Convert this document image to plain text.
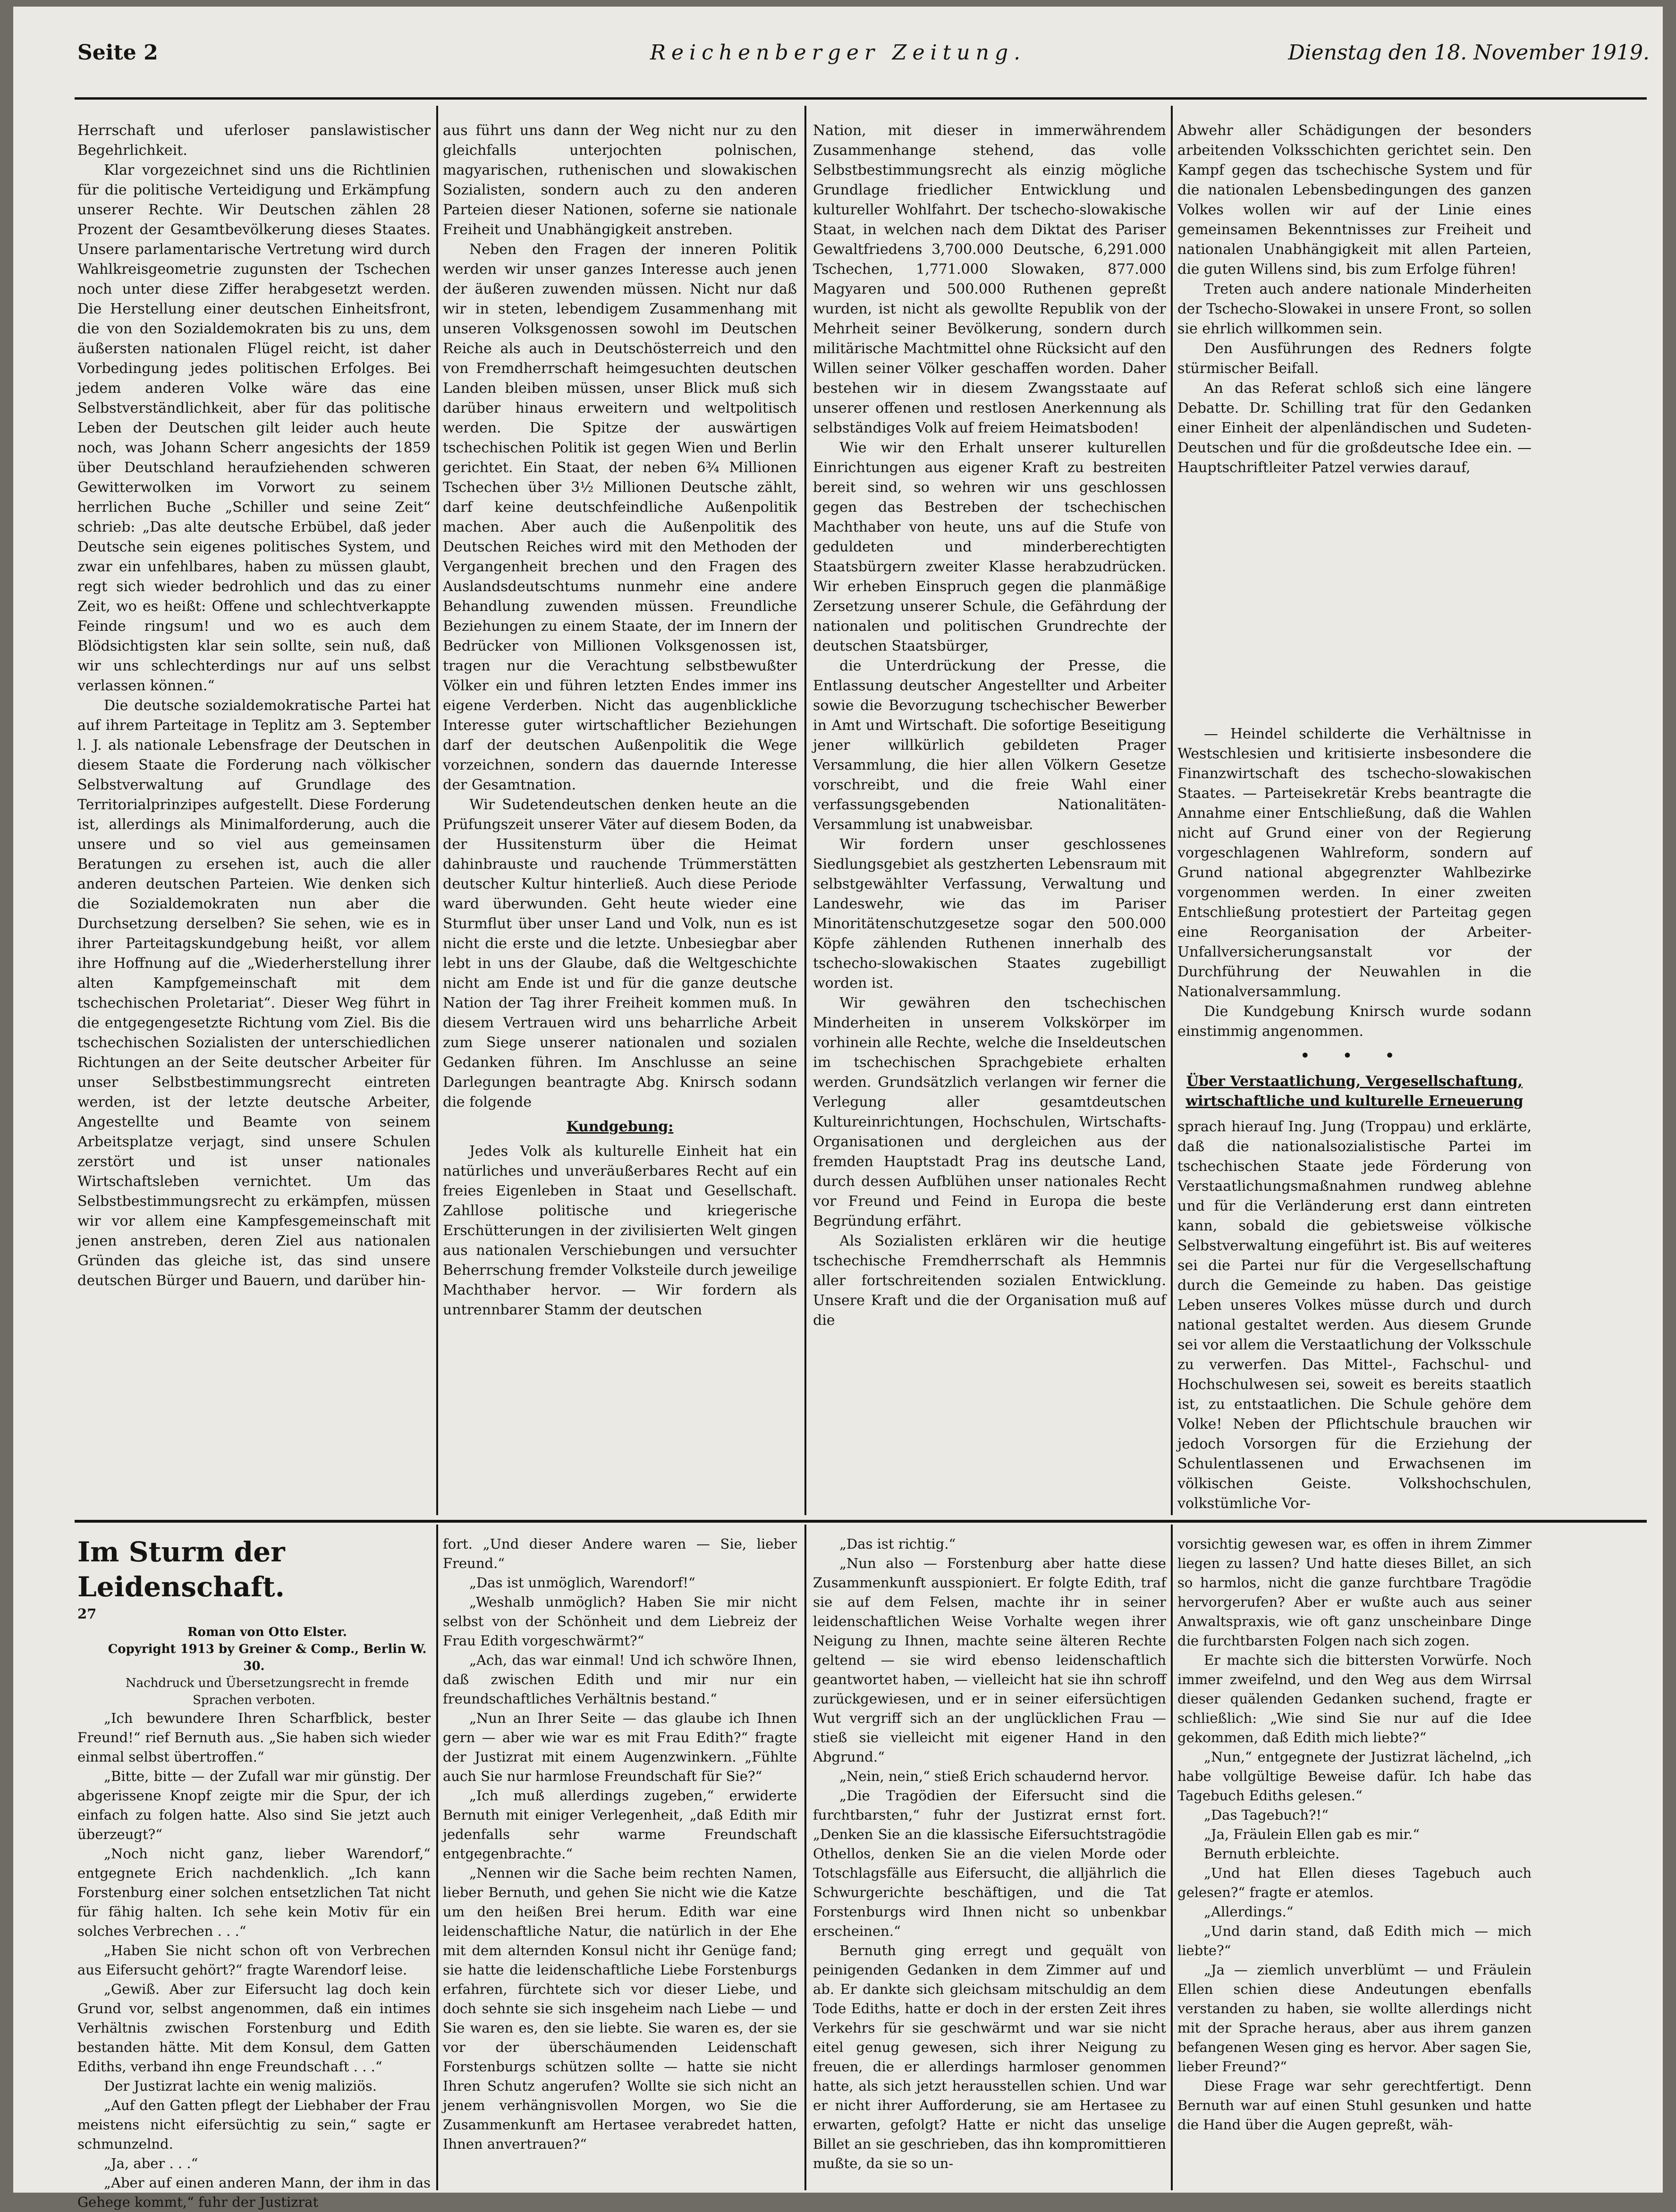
Seite 2	Reichenberger Zeitung.	Dienstag den 18. November 1919.

Herrschaft und uferloser panslawistischer Begehrlichkeit.

Klar vorgezeichnet sind uns die Richtlinien für die politische Verteidigung und Erkämpfung unserer Rechte. Wir Deutschen zählen 28 Prozent der Gesamtbevölkerung dieses Staates. Unsere parlamentarische Vertretung wird durch Wahlkreisgeometrie zugunsten der Tschechen noch unter diese Ziffer herabgesetzt werden. Die Herstellung einer deutschen Einheitsfront, die von den Sozialdemokraten bis zu uns, dem äußersten nationalen Flügel reicht, ist daher Vorbedingung jedes politischen Erfolges. Bei jedem anderen Volke wäre das eine Selbstverständlichkeit, aber für das politische Leben der Deutschen gilt leider auch heute noch, was Johann Scherr angesichts der 1859 über Deutschland heraufziehenden schweren Gewitterwolken im Vorwort zu seinem herrlichen Buche „Schiller und seine Zeit“ schrieb: „Das alte deutsche Erbübel, daß jeder Deutsche sein eigenes politisches System, und zwar ein unfehlbares, haben zu müssen glaubt, regt sich wieder bedrohlich und das zu einer Zeit, wo es heißt: Offene und schlechtverkappte Feinde ringsum! und wo es auch dem Blödsichtigsten klar sein sollte, sein nuß, daß wir uns schlechterdings nur auf uns selbst verlassen können.“

Die deutsche sozialdemokratische Partei hat auf ihrem Parteitage in Teplitz am 3. September l. J. als nationale Lebensfrage der Deutschen in diesem Staate die Forderung nach völkischer Selbstverwaltung auf Grundlage des Territorialprinzipes aufgestellt. Diese Forderung ist, allerdings als Minimalforderung, auch die unsere und so viel aus gemeinsamen Beratungen zu ersehen ist, auch die aller anderen deutschen Parteien. Wie denken sich die Sozialdemokraten nun aber die Durchsetzung derselben? Sie sehen, wie es in ihrer Parteitagskundgebung heißt, vor allem ihre Hoffnung auf die „Wiederherstellung ihrer alten Kampfgemeinschaft mit dem tschechischen Proletariat“. Dieser Weg führt in die entgegengesetzte Richtung vom Ziel. Bis die tschechischen Sozialisten der unterschiedlichen Richtungen an der Seite deutscher Arbeiter für unser Selbstbestimmungsrecht eintreten werden, ist der letzte deutsche Arbeiter, Angestellte und Beamte von seinem Arbeitsplatze verjagt, sind unsere Schulen zerstört und ist unser nationales Wirtschaftsleben vernichtet. Um das Selbstbestimmungsrecht zu erkämpfen, müssen wir vor allem eine Kampfesgemeinschaft mit jenen anstreben, deren Ziel aus nationalen Gründen das gleiche ist, das sind unsere deutschen Bürger und Bauern, und darüber hin-

aus führt uns dann der Weg nicht nur zu den gleichfalls unterjochten polnischen, magyarischen, ruthenischen und slowakischen Sozialisten, sondern auch zu den anderen Parteien dieser Nationen, soferne sie nationale Freiheit und Unabhängigkeit anstreben.

Neben den Fragen der inneren Politik werden wir unser ganzes Interesse auch jenen der äußeren zuwenden müssen. Nicht nur daß wir in steten, lebendigem Zusammenhang mit unseren Volksgenossen sowohl im Deutschen Reiche als auch in Deutschösterreich und den von Fremdherrschaft heimgesuchten deutschen Landen bleiben müssen, unser Blick muß sich darüber hinaus erweitern und weltpolitisch werden. Die Spitze der auswärtigen tschechischen Politik ist gegen Wien und Berlin gerichtet. Ein Staat, der neben 6¾ Millionen Tschechen über 3½ Millionen Deutsche zählt, darf keine deutschfeindliche Außenpolitik machen. Aber auch die Außenpolitik des Deutschen Reiches wird mit den Methoden der Vergangenheit brechen und den Fragen des Auslandsdeutschtums nunmehr eine andere Behandlung zuwenden müssen. Freundliche Beziehungen zu einem Staate, der im Innern der Bedrücker von Millionen Volksgenossen ist, tragen nur die Verachtung selbstbewußter Völker ein und führen letzten Endes immer ins eigene Verderben. Nicht das augenblickliche Interesse guter wirtschaftlicher Beziehungen darf der deutschen Außenpolitik die Wege vorzeichnen, sondern das dauernde Interesse der Gesamtnation.

Wir Sudetendeutschen denken heute an die Prüfungszeit unserer Väter auf diesem Boden, da der Hussitensturm über die Heimat dahinbrauste und rauchende Trümmerstätten deutscher Kultur hinterließ. Auch diese Periode ward überwunden. Geht heute wieder eine Sturmflut über unser Land und Volk, nun es ist nicht die erste und die letzte. Unbesiegbar aber lebt in uns der Glaube, daß die Weltgeschichte nicht am Ende ist und für die ganze deutsche Nation der Tag ihrer Freiheit kommen muß. In diesem Vertrauen wird uns beharrliche Arbeit zum Siege unserer nationalen und sozialen Gedanken führen. Im Anschlusse an seine Darlegungen beantragte Abg. Knirsch sodann die folgende

Kundgebung:

Jedes Volk als kulturelle Einheit hat ein natürliches und unveräußerbares Recht auf ein freies Eigenleben in Staat und Gesellschaft. Zahllose politische und kriegerische Erschütterungen in der zivilisierten Welt gingen aus nationalen Verschiebungen und versuchter Beherrschung fremder Volksteile durch jeweilige Machthaber hervor. — Wir fordern als untrennbarer Stamm der deutschen

Nation, mit dieser in immerwährendem Zusammenhange stehend, das volle Selbstbestimmungsrecht als einzig mögliche Grundlage friedlicher Entwicklung und kultureller Wohlfahrt. Der tschecho-slowakische Staat, in welchen nach dem Diktat des Pariser Gewaltfriedens 3,700.000 Deutsche, 6,291.000 Tschechen, 1,771.000 Slowaken, 877.000 Magyaren und 500.000 Ruthenen gepreßt wurden, ist nicht als gewollte Republik von der Mehrheit seiner Bevölkerung, sondern durch militärische Machtmittel ohne Rücksicht auf den Willen seiner Völker geschaffen worden. Daher bestehen wir in diesem Zwangsstaate auf unserer offenen und restlosen Anerkennung als selbständiges Volk auf freiem Heimatsboden!

Wie wir den Erhalt unserer kulturellen Einrichtungen aus eigener Kraft zu bestreiten bereit sind, so wehren wir uns geschlossen gegen das Bestreben der tschechischen Machthaber von heute, uns auf die Stufe von geduldeten und minderberechtigten Staatsbürgern zweiter Klasse herabzudrücken. Wir erheben Einspruch gegen die planmäßige Zersetzung unserer Schule, die Gefährdung der nationalen und politischen Grundrechte der deutschen Staatsbürger,

die Unterdrückung der Presse, die Entlassung deutscher Angestellter und Arbeiter sowie die Bevorzugung tschechischer Bewerber in Amt und Wirtschaft. Die sofortige Beseitigung jener willkürlich gebildeten Prager Versammlung, die hier allen Völkern Gesetze vorschreibt, und die freie Wahl einer verfassungsgebenden Nationalitäten-Versammlung ist unabweisbar.

Wir fordern unser geschlossenes Siedlungsgebiet als gestzherten Lebensraum mit selbstgewählter Verfassung, Verwaltung und Landeswehr, wie das im Pariser Minoritätenschutzgesetze sogar den 500.000 Köpfe zählenden Ruthenen innerhalb des tschecho-slowakischen Staates zugebilligt worden ist.

Wir gewähren den tschechischen Minderheiten in unserem Volkskörper im vorhinein alle Rechte, welche die Inseldeutschen im tschechischen Sprachgebiete erhalten werden. Grundsätzlich verlangen wir ferner die Verlegung aller gesamtdeutschen Kultureinrichtungen, Hochschulen, Wirtschafts-Organisationen und dergleichen aus der fremden Hauptstadt Prag ins deutsche Land, durch dessen Aufblühen unser nationales Recht vor Freund und Feind in Europa die beste Begründung erfährt.

Als Sozialisten erklären wir die heutige tschechische Fremdherrschaft als Hemmnis aller fortschreitenden sozialen Entwicklung. Unsere Kraft und die der Organisation muß auf die

Abwehr aller Schädigungen der besonders arbeitenden Volksschichten gerichtet sein. Den Kampf gegen das tschechische System und für die nationalen Lebensbedingungen des ganzen Volkes wollen wir auf der Linie eines gemeinsamen Bekenntnisses zur Freiheit und nationalen Unabhängigkeit mit allen Parteien, die guten Willens sind, bis zum Erfolge führen!

Treten auch andere nationale Minderheiten der Tschecho-Slowakei in unsere Front, so sollen sie ehrlich willkommen sein.

Den Ausführungen des Redners folgte stürmischer Beifall.

An das Referat schloß sich eine längere Debatte. Dr. Schilling trat für den Gedanken einer Einheit der alpenländischen und Sudeten-Deutschen und für die großdeutsche Idee ein. — Hauptschriftleiter Patzel verwies darauf,

— Heindel schilderte die Verhältnisse in Westschlesien und kritisierte insbesondere die Finanzwirtschaft des tschecho-slowakischen Staates. — Parteisekretär Krebs beantragte die Annahme einer Entschließung, daß die Wahlen nicht auf Grund einer von der Regierung vorgeschlagenen Wahlreform, sondern auf Grund national abgegrenzter Wahlbezirke vorgenommen werden. In einer zweiten Entschließung protestiert der Parteitag gegen eine Reorganisation der Arbeiter-Unfallversicherungsanstalt vor der Durchführung der Neuwahlen in die Nationalversammlung.

Die Kundgebung Knirsch wurde sodann einstimmig angenommen.

• • •

Über Verstaatlichung, Vergesellschaftung, wirtschaftliche und kulturelle Erneuerung

sprach hierauf Ing. Jung (Troppau) und erklärte, daß die nationalsozialistische Partei im tschechischen Staate jede Förderung von Verstaatlichungsmaßnahmen rundweg ablehne und für die Verländerung erst dann eintreten kann, sobald die gebietsweise völkische Selbstverwaltung eingeführt ist. Bis auf weiteres sei die Partei nur für die Vergesellschaftung durch die Gemeinde zu haben. Das geistige Leben unseres Volkes müsse durch und durch national gestaltet werden. Aus diesem Grunde sei vor allem die Verstaatlichung der Volksschule zu verwerfen. Das Mittel-, Fachschul- und Hochschulwesen sei, soweit es bereits staatlich ist, zu entstaatlichen. Die Schule gehöre dem Volke! Neben der Pflichtschule brauchen wir jedoch Vorsorgen für die Erziehung der Schulentlassenen und Erwachsenen im völkischen Geiste. Volkshochschulen, volkstümliche Vor-

Im Sturm der Leidenschaft.

27

Roman von Otto Elster.

Copyright 1913 by Greiner & Comp., Berlin W. 30.

Nachdruck und Übersetzungsrecht in fremde Sprachen verboten.

„Ich bewundere Ihren Scharfblick, bester Freund!“ rief Bernuth aus. „Sie haben sich wieder einmal selbst übertroffen.“

„Bitte, bitte — der Zufall war mir günstig. Der abgerissene Knopf zeigte mir die Spur, der ich einfach zu folgen hatte. Also sind Sie jetzt auch überzeugt?“

„Noch nicht ganz, lieber Warendorf,“ entgegnete Erich nachdenklich. „Ich kann Forstenburg einer solchen entsetzlichen Tat nicht für fähig halten. Ich sehe kein Motiv für ein solches Verbrechen . . .“

„Haben Sie nicht schon oft von Verbrechen aus Eifersucht gehört?“ fragte Warendorf leise.

„Gewiß. Aber zur Eifersucht lag doch kein Grund vor, selbst angenommen, daß ein intimes Verhältnis zwischen Forstenburg und Edith bestanden hätte. Mit dem Konsul, dem Gatten Ediths, verband ihn enge Freundschaft . . .“

Der Justizrat lachte ein wenig maliziös.

„Auf den Gatten pflegt der Liebhaber der Frau meistens nicht eifersüchtig zu sein,“ sagte er schmunzelnd.

„Ja, aber . . .“

„Aber auf einen anderen Mann, der ihm in das Gehege kommt,“ fuhr der Justizrat

fort. „Und dieser Andere waren — Sie, lieber Freund.“

„Das ist unmöglich, Warendorf!“

„Weshalb unmöglich? Haben Sie mir nicht selbst von der Schönheit und dem Liebreiz der Frau Edith vorgeschwärmt?“

„Ach, das war einmal! Und ich schwöre Ihnen, daß zwischen Edith und mir nur ein freundschaftliches Verhältnis bestand.“

„Nun an Ihrer Seite — das glaube ich Ihnen gern — aber wie war es mit Frau Edith?“ fragte der Justizrat mit einem Augenzwinkern. „Fühlte auch Sie nur harmlose Freundschaft für Sie?“

„Ich muß allerdings zugeben,“ erwiderte Bernuth mit einiger Verlegenheit, „daß Edith mir jedenfalls sehr warme Freundschaft entgegenbrachte.“

„Nennen wir die Sache beim rechten Namen, lieber Bernuth, und gehen Sie nicht wie die Katze um den heißen Brei herum. Edith war eine leidenschaftliche Natur, die natürlich in der Ehe mit dem alternden Konsul nicht ihr Genüge fand; sie hatte die leidenschaftliche Liebe Forstenburgs erfahren, fürchtete sich vor dieser Liebe, und doch sehnte sie sich insgeheim nach Liebe — und Sie waren es, den sie liebte. Sie waren es, der sie vor der überschäumenden Leidenschaft Forstenburgs schützen sollte — hatte sie nicht Ihren Schutz angerufen? Wollte sie sich nicht an jenem verhängnisvollen Morgen, wo Sie die Zusammenkunft am Hertasee verabredet hatten, Ihnen anvertrauen?“

„Das ist richtig.“

„Nun also — Forstenburg aber hatte diese Zusammenkunft ausspioniert. Er folgte Edith, traf sie auf dem Felsen, machte ihr in seiner leidenschaftlichen Weise Vorhalte wegen ihrer Neigung zu Ihnen, machte seine älteren Rechte geltend — sie wird ebenso leidenschaftlich geantwortet haben, — vielleicht hat sie ihn schroff zurückgewiesen, und er in seiner eifersüchtigen Wut vergriff sich an der unglücklichen Frau — stieß sie vielleicht mit eigener Hand in den Abgrund.“

„Nein, nein,“ stieß Erich schaudernd hervor.

„Die Tragödien der Eifersucht sind die furchtbarsten,“ fuhr der Justizrat ernst fort. „Denken Sie an die klassische Eifersuchtstragödie Othellos, denken Sie an die vielen Morde oder Totschlagsfälle aus Eifersucht, die alljährlich die Schwurgerichte beschäftigen, und die Tat Forstenburgs wird Ihnen nicht so unbenkbar erscheinen.“

Bernuth ging erregt und gequält von peinigenden Gedanken in dem Zimmer auf und ab. Er dankte sich gleichsam mitschuldig an dem Tode Ediths, hatte er doch in der ersten Zeit ihres Verkehrs für sie geschwärmt und war sie nicht eitel genug gewesen, sich ihrer Neigung zu freuen, die er allerdings harmloser genommen hatte, als sich jetzt herausstellen schien. Und war er nicht ihrer Aufforderung, sie am Hertasee zu erwarten, gefolgt? Hatte er nicht das unselige Billet an sie geschrieben, das ihn kompromittieren mußte, da sie so un-

vorsichtig gewesen war, es offen in ihrem Zimmer liegen zu lassen? Und hatte dieses Billet, an sich so harmlos, nicht die ganze furchtbare Tragödie hervorgerufen? Aber er wußte auch aus seiner Anwaltspraxis, wie oft ganz unscheinbare Dinge die furchtbarsten Folgen nach sich zogen.

Er machte sich die bittersten Vorwürfe. Noch immer zweifelnd, und den Weg aus dem Wirrsal dieser quälenden Gedanken suchend, fragte er schließlich: „Wie sind Sie nur auf die Idee gekommen, daß Edith mich liebte?“

„Nun,“ entgegnete der Justizrat lächelnd, „ich habe vollgültige Beweise dafür. Ich habe das Tagebuch Ediths gelesen.“

„Das Tagebuch?!“

„Ja, Fräulein Ellen gab es mir.“

Bernuth erbleichte.

„Und hat Ellen dieses Tagebuch auch gelesen?“ fragte er atemlos.

„Allerdings.“

„Und darin stand, daß Edith mich — mich liebte?“

„Ja — ziemlich unverblümt — und Fräulein Ellen schien diese Andeutungen ebenfalls verstanden zu haben, sie wollte allerdings nicht mit der Sprache heraus, aber aus ihrem ganzen befangenen Wesen ging es hervor. Aber sagen Sie, lieber Freund?“

Diese Frage war sehr gerechtfertigt. Denn Bernuth war auf einen Stuhl gesunken und hatte die Hand über die Augen gepreßt, wäh-
